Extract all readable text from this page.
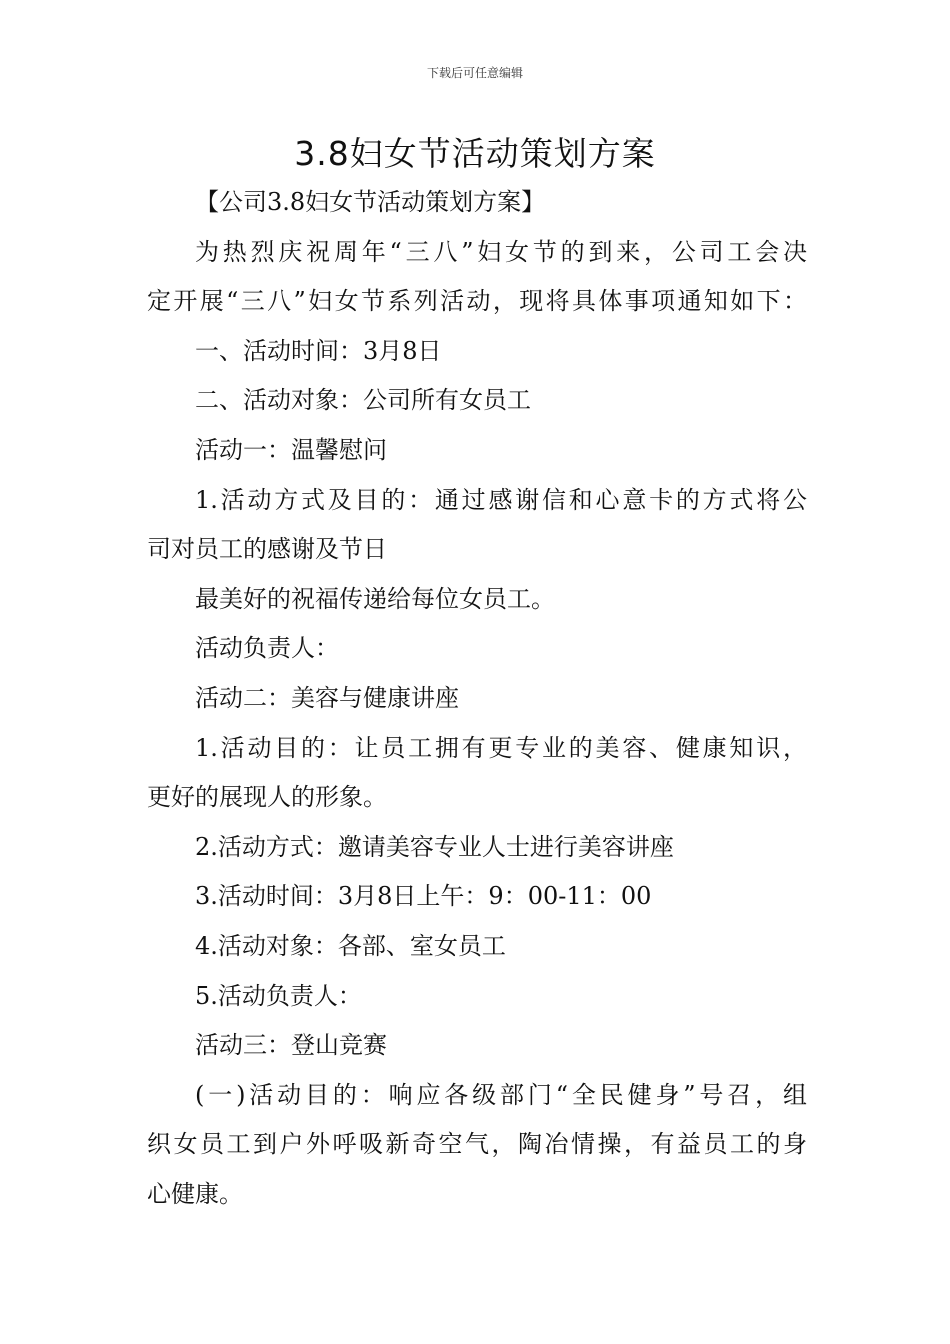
下载后可任意编辑
3.8妇女节活动策划方案
【公司3.8妇女节活动策划方案】
为热烈庆祝周年“三八”妇女节的到来，公司工会决
定开展“三八”妇女节系列活动，现将具体事项通知如下：
一、活动时间：3月8日
二、活动对象：公司所有女员工
活动一：温馨慰问
1.活动方式及目的：通过感谢信和心意卡的方式将公
司对员工的感谢及节日
最美好的祝福传递给每位女员工。
活动负责人：
活动二：美容与健康讲座
1.活动目的：让员工拥有更专业的美容、健康知识，
更好的展现人的形象。
2.活动方式：邀请美容专业人士进行美容讲座
3.活动时间：3月8日上午：9：00-11：00
4.活动对象：各部、室女员工
5.活动负责人：
活动三：登山竞赛
(一)活动目的：响应各级部门“全民健身”号召，组
织女员工到户外呼吸新奇空气，陶冶情操，有益员工的身
心健康。
